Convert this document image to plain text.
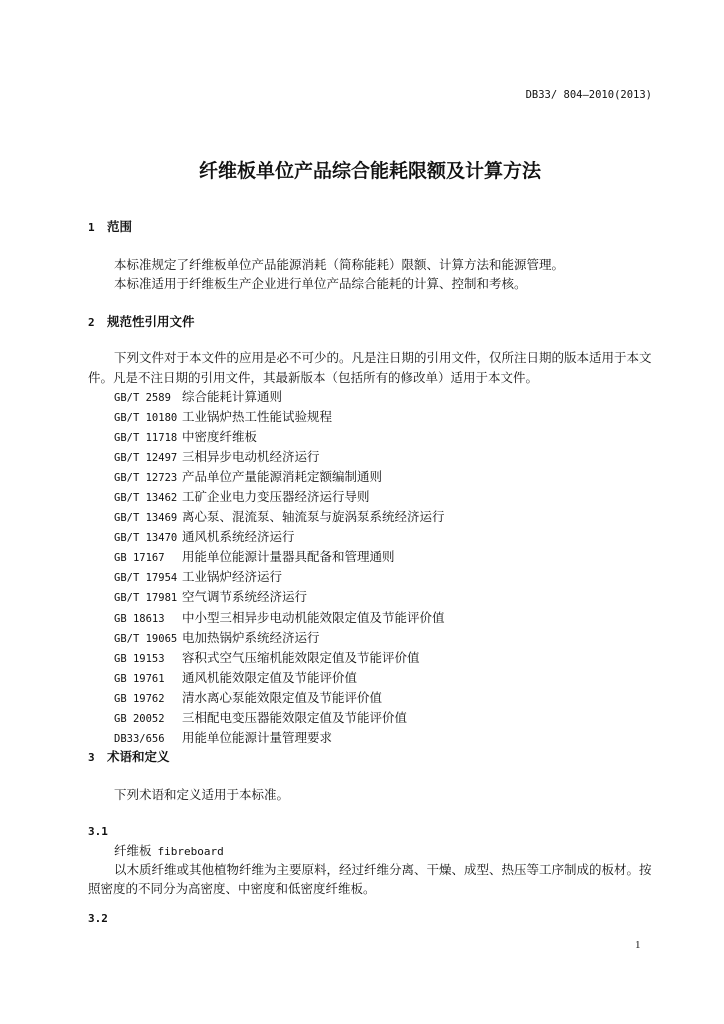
DB33/ 804—2010(2013)
纤维板单位产品综合能耗限额及计算方法
1 范围
本标准规定了纤维板单位产品能源消耗（简称能耗）限额、计算方法和能源管理。
本标准适用于纤维板生产企业进行单位产品综合能耗的计算、控制和考核。
2 规范性引用文件
下列文件对于本文件的应用是必不可少的。凡是注日期的引用文件，仅所注日期的版本适用于本文
件。凡是不注日期的引用文件，其最新版本（包括所有的修改单）适用于本文件。
GB/T 2589 综合能耗计算通则
GB/T 10180 工业锅炉热工性能试验规程
GB/T 11718 中密度纤维板
GB/T 12497 三相异步电动机经济运行
GB/T 12723 产品单位产量能源消耗定额编制通则
GB/T 13462 工矿企业电力变压器经济运行导则
GB/T 13469 离心泵、混流泵、轴流泵与旋涡泵系统经济运行
GB/T 13470 通风机系统经济运行
GB 17167 用能单位能源计量器具配备和管理通则
GB/T 17954 工业锅炉经济运行
GB/T 17981 空气调节系统经济运行
GB 18613 中小型三相异步电动机能效限定值及节能评价值
GB/T 19065 电加热锅炉系统经济运行
GB 19153 容积式空气压缩机能效限定值及节能评价值
GB 19761 通风机能效限定值及节能评价值
GB 19762 清水离心泵能效限定值及节能评价值
GB 20052 三相配电变压器能效限定值及节能评价值
DB33/656 用能单位能源计量管理要求
3 术语和定义
下列术语和定义适用于本标准。
3.1
纤维板 fibreboard
以木质纤维或其他植物纤维为主要原料，经过纤维分离、干燥、成型、热压等工序制成的板材。按
照密度的不同分为高密度、中密度和低密度纤维板。
3.2
1
